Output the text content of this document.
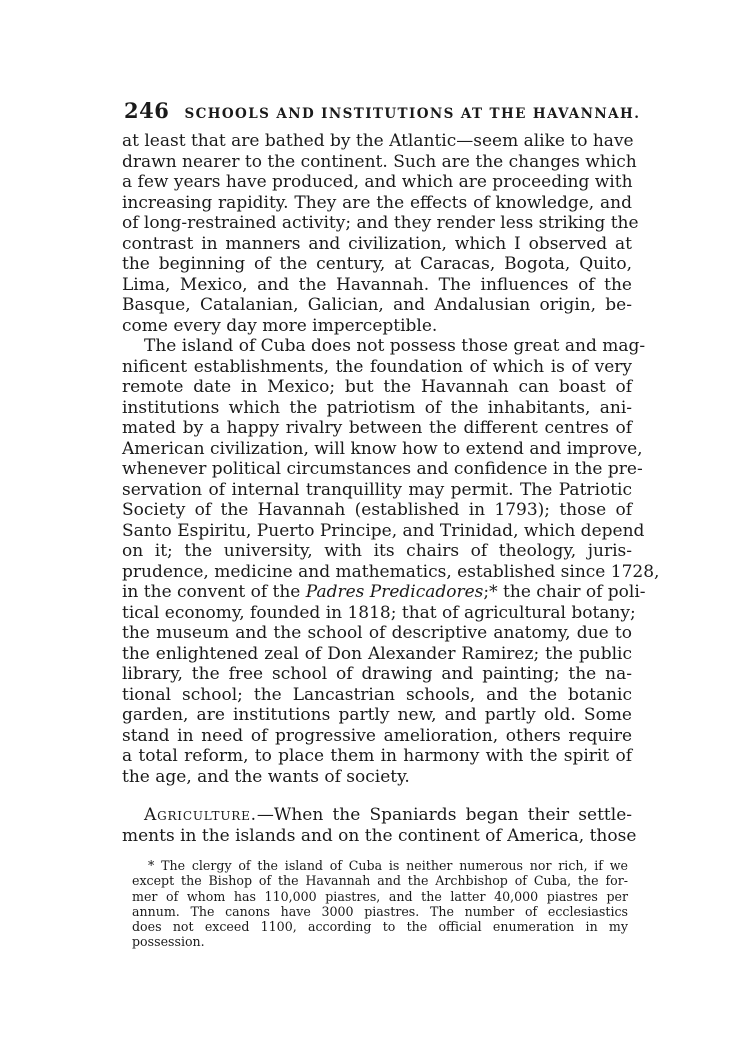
246 SCHOOLS AND INSTITUTIONS AT THE HAVANNAH.
at least that are bathed by the Atlantic—seem alike to have
drawn nearer to the continent. Such are the changes which
a few years have produced, and which are proceeding with
increasing rapidity. They are the effects of knowledge, and
of long-restrained activity; and they render less striking the
contrast in manners and civilization, which I observed at
the beginning of the century, at Caracas, Bogota, Quito,
Lima, Mexico, and the Havannah. The influences of the
Basque, Catalanian, Galician, and Andalusian origin, be-
come every day more imperceptible.
The island of Cuba does not possess those great and mag-
nificent establishments, the foundation of which is of very
remote date in Mexico; but the Havannah can boast of
institutions which the patriotism of the inhabitants, ani-
mated by a happy rivalry between the different centres of
American civilization, will know how to extend and improve,
whenever political circumstances and confidence in the pre-
servation of internal tranquillity may permit. The Patriotic
Society of the Havannah (established in 1793); those of
Santo Espiritu, Puerto Principe, and Trinidad, which depend
on it; the university, with its chairs of theology, juris-
prudence, medicine and mathematics, established since 1728,
in the convent of the Padres Predicadores;* the chair of poli-
tical economy, founded in 1818; that of agricultural botany;
the museum and the school of descriptive anatomy, due to
the enlightened zeal of Don Alexander Ramirez; the public
library, the free school of drawing and painting; the na-
tional school; the Lancastrian schools, and the botanic
garden, are institutions partly new, and partly old. Some
stand in need of progressive amelioration, others require
a total reform, to place them in harmony with the spirit of
the age, and the wants of society.
Agriculture.—When the Spaniards began their settle-
ments in the islands and on the continent of America, those
* The clergy of the island of Cuba is neither numerous nor rich, if we
except the Bishop of the Havannah and the Archbishop of Cuba, the for-
mer of whom has 110,000 piastres, and the latter 40,000 piastres per
annum. The canons have 3000 piastres. The number of ecclesiastics
does not exceed 1100, according to the official enumeration in my
possession.
